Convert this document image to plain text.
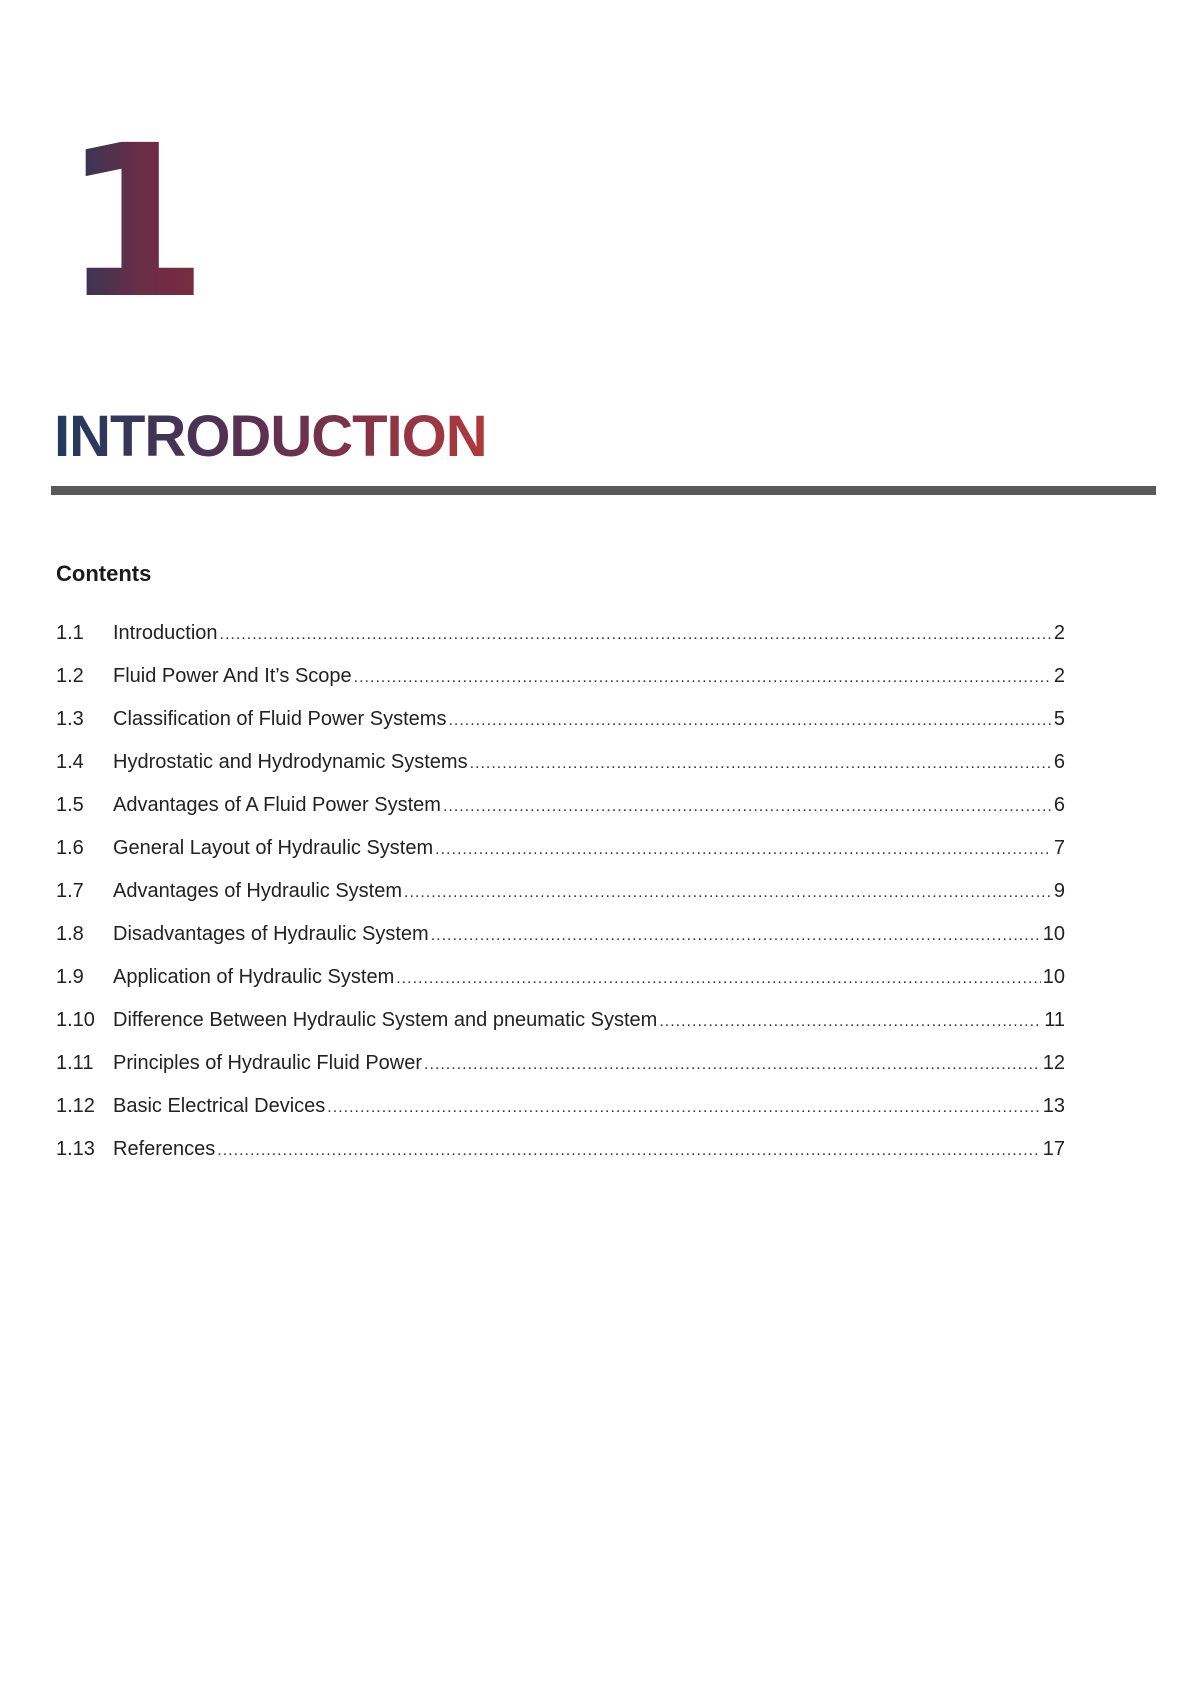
1
INTRODUCTION
Contents
1.1	Introduction .....	2
1.2	Fluid Power And It’s Scope .....	2
1.3	Classification of Fluid Power Systems .....	5
1.4	Hydrostatic and Hydrodynamic Systems .....	6
1.5	Advantages of A Fluid Power System .....	6
1.6	General Layout of Hydraulic System .....	7
1.7	Advantages of Hydraulic System .....	9
1.8	Disadvantages of Hydraulic System .....	10
1.9	Application of Hydraulic System .....	10
1.10 Difference Between Hydraulic System and pneumatic System .....	11
1.11 Principles of Hydraulic Fluid Power .....	12
1.12 Basic Electrical Devices .....	13
1.13 References .....	17
